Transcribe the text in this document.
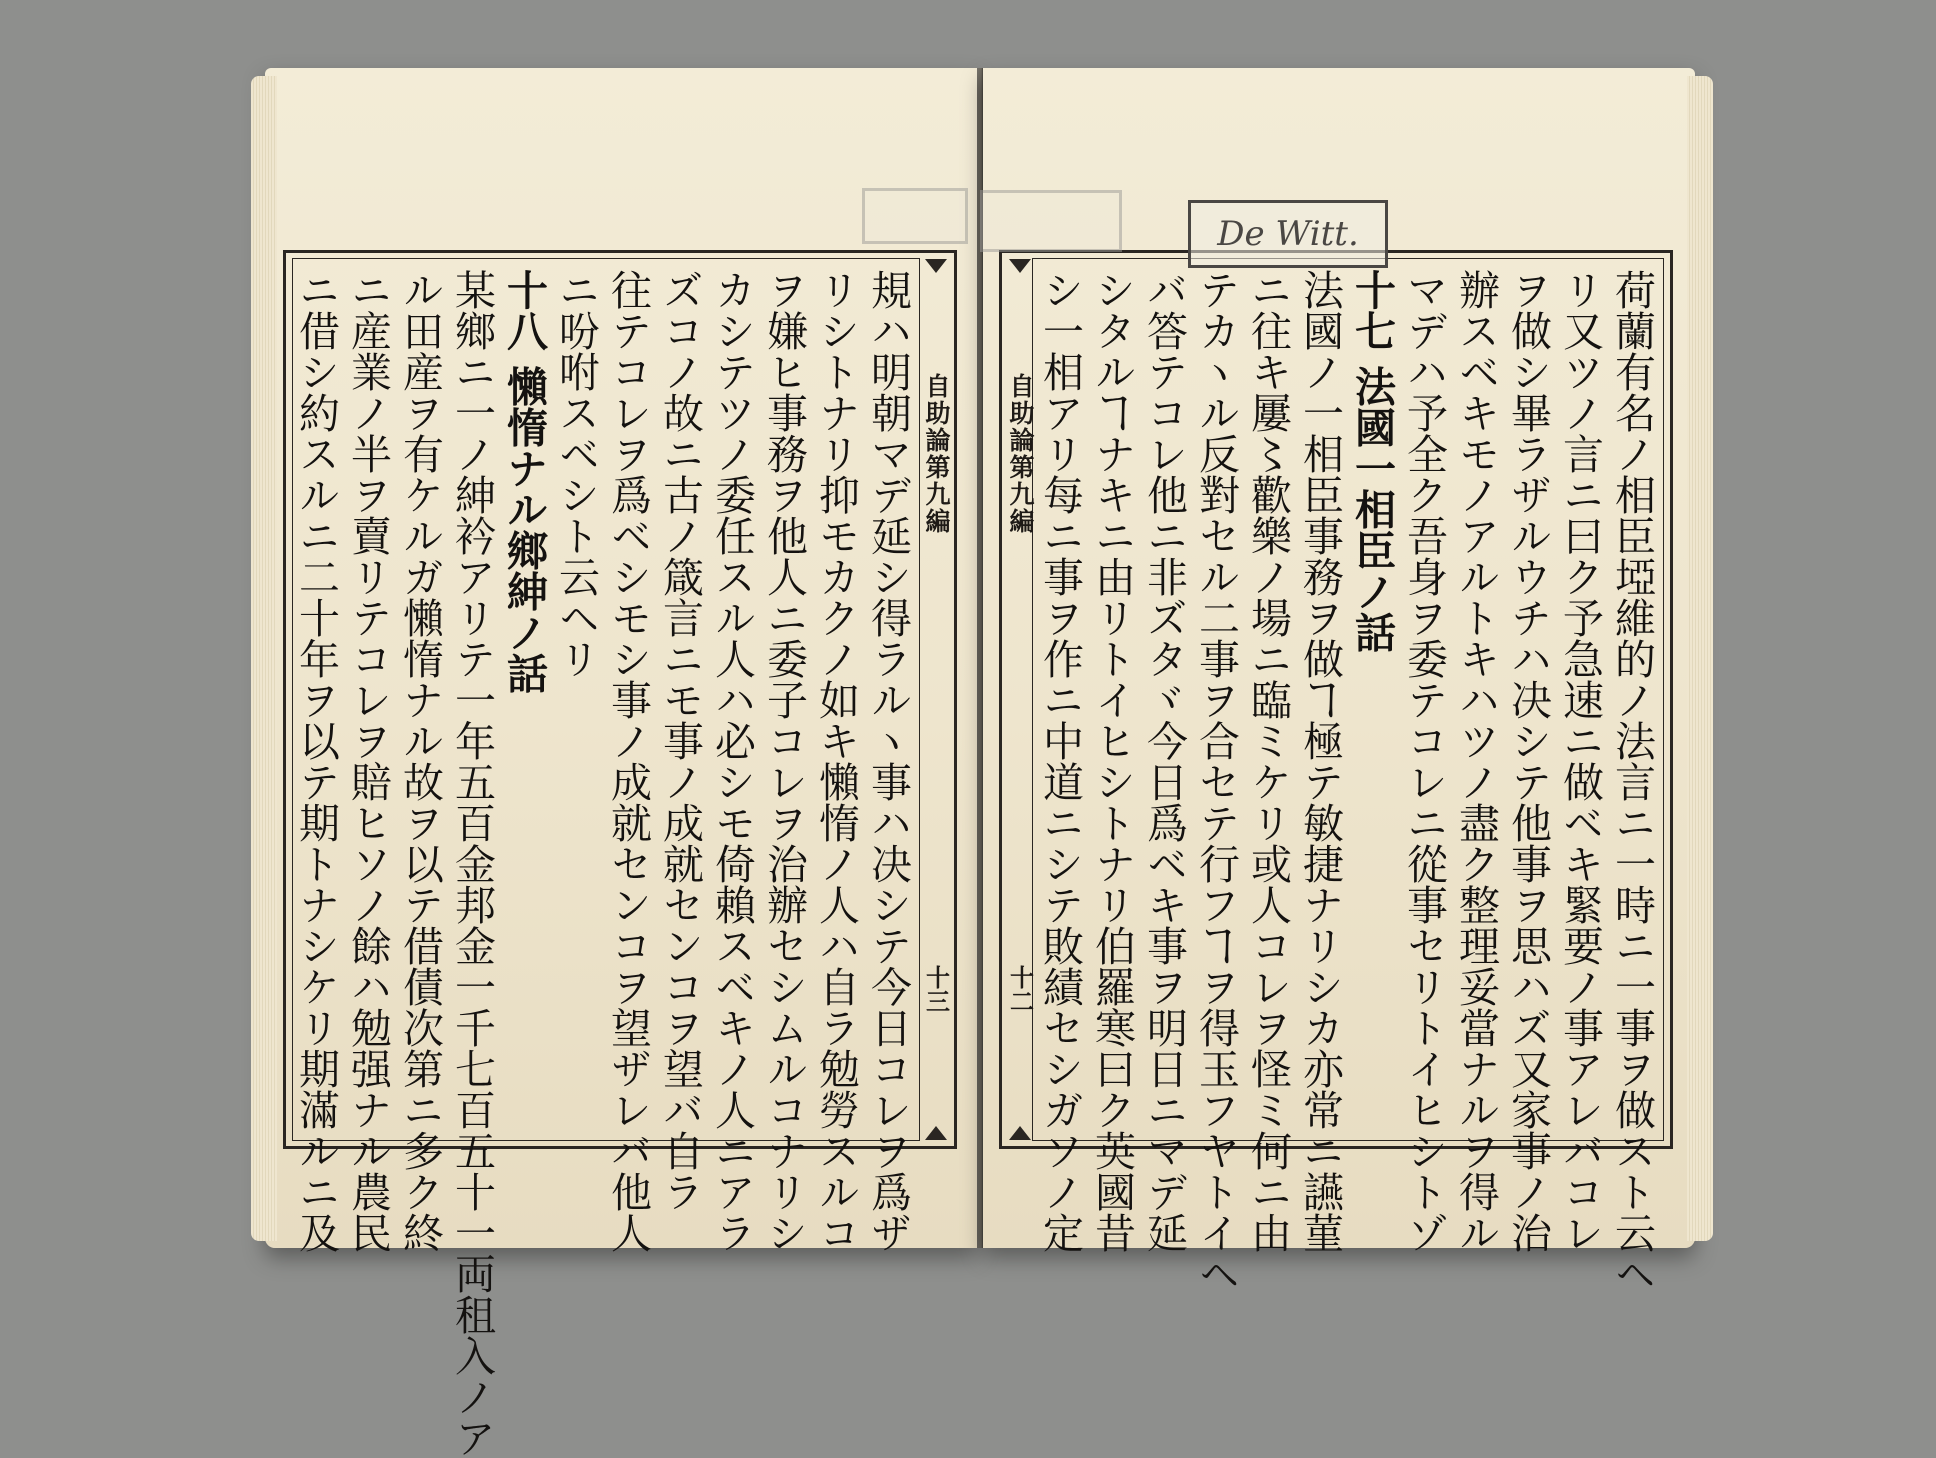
自助論第九編
十三
規ハ明朝マデ延シ得ラルヽ事ハ决シテ今日コレヲ爲ザ
リシトナリ抑モカクノ如キ懶惰ノ人ハ自ラ勉勞スルコ
ヲ嫌ヒ事務ヲ他人ニ委子コレヲ治辦セシムルコナリシ
カシテツノ委任スル人ハ必シモ倚賴スベキノ人ニアラ
ズコノ故ニ古ノ箴言ニモ事ノ成就センコヲ望バ自ラ
往テコレヲ爲ベシモシ事ノ成就センコヲ望ザレバ他人
ニ吩咐スベシト云ヘリ
十八 懶惰ナル鄉紳ノ話
某鄉ニ一ノ紳衿アリテ一年五百金邦金一千七百五十一両租入ノア
ル田産ヲ有ケルガ懶惰ナル故ヲ以テ借債次第ニ多ク終
ニ産業ノ半ヲ賣リテコレヲ賠ヒソノ餘ハ勉强ナル農民
ニ借シ約スルニ二十年ヲ以テ期トナシケリ期滿ルニ及	自助論第九編
十二	荷蘭有名ノ相臣埡維的ノ法言ニ一時ニ一事ヲ做スト云ヘ
リ又ツノ言ニ曰ク予急速ニ做ベキ緊要ノ事アレバコレ
ヲ做シ畢ラザルウチハ决シテ他事ヲ思ハズ又家事ノ治
辦スベキモノアルトキハツノ盡ク整理妥當ナルヲ得ル
マデハ予全ク吾身ヲ委テコレニ從事セリトイヒシトゾ
十七 法國一相臣ノ話
法國ノ一相臣事務ヲ做ヿ極テ敏捷ナリシカ亦常ニ讌菫
ニ往キ屢〻歡樂ノ場ニ臨ミケリ或人コレヲ怪ミ何ニ由
テカヽル反對セル二事ヲ合セテ行フヿヲ得玉フヤトイヘ
バ答テコレ他ニ非ズタヾ今日爲ベキ事ヲ明日ニマデ延
シタルヿナキニ由リトイヒシトナリ伯羅寒曰ク英國昔
シ一相アリ每ニ事ヲ作ニ中道ニシテ敗績セシガソノ定
De Witt.
